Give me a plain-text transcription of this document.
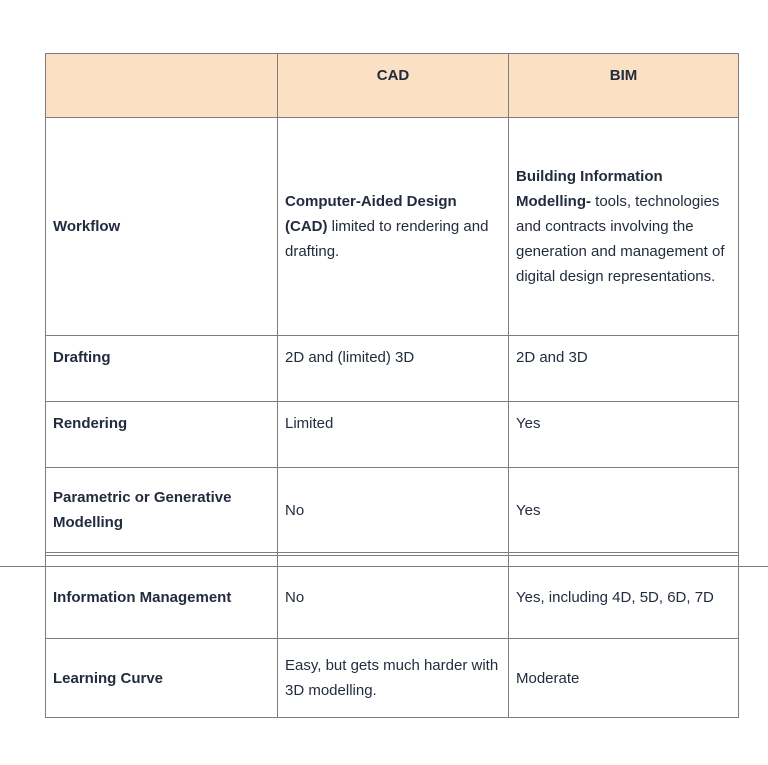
	CAD	BIM
Workflow	Computer-Aided Design (CAD) limited to rendering and drafting.	Building Information Modelling- tools, technologies and contracts involving the generation and management of digital design representations.
Drafting	2D and (limited) 3D	2D and 3D
Rendering	Limited	Yes
Parametric or Generative Modelling	No	Yes

Information Management	No	Yes, including 4D, 5D, 6D, 7D
Learning Curve	Easy, but gets much harder with 3D modelling.	Moderate
